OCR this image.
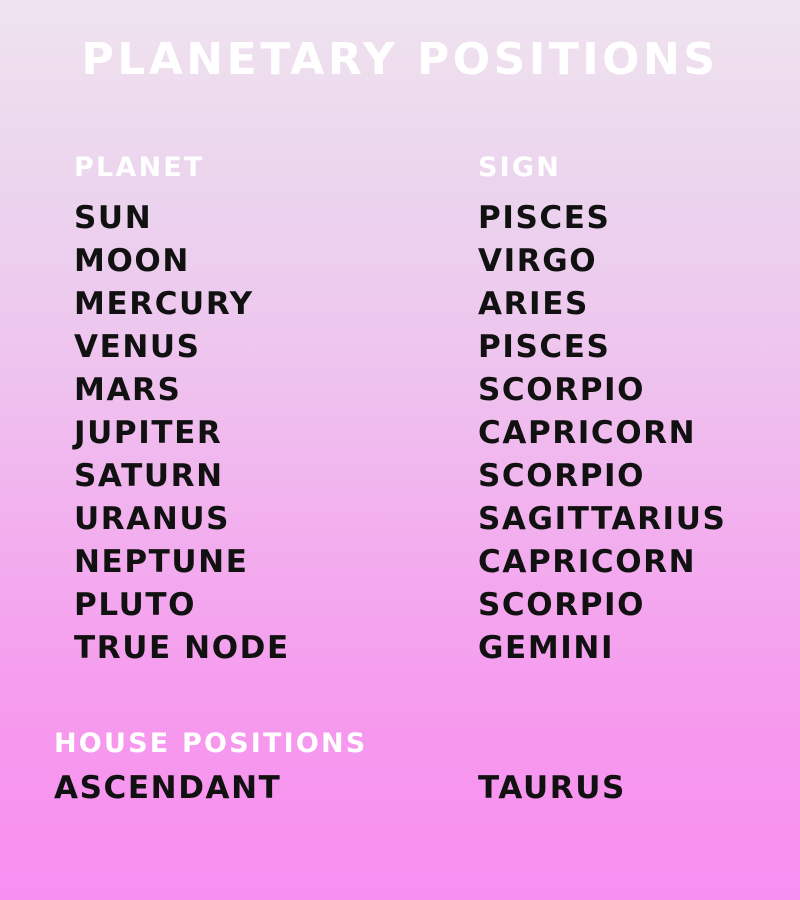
PLANETARY POSITIONS
PLANET	SIGN
SUN	PISCES
MOON	VIRGO
MERCURY	ARIES
VENUS	PISCES
MARS	SCORPIO
JUPITER	CAPRICORN
SATURN	SCORPIO
URANUS	SAGITTARIUS
NEPTUNE	CAPRICORN
PLUTO	SCORPIO
TRUE NODE	GEMINI
HOUSE POSITIONS
ASCENDANT	TAURUS
